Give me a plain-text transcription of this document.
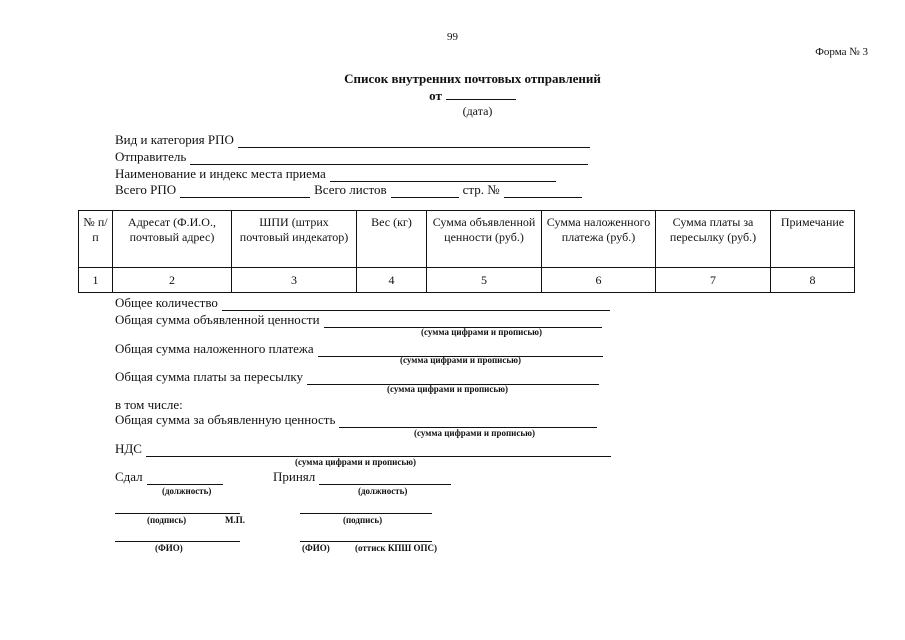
99
Форма № 3
Список внутренних почтовых отправлений
от
(дата)
Вид и категория РПО
Отправитель
Наименование и индекс места приема
Всего РПО	Всего листов	стр. №
№ п/п	Адресат (Ф.И.О., почтовый адрес)	ШПИ (штрих почтовый индекатор)	Вес (кг)	Сумма объявленной ценности (руб.)	Сумма наложенного платежа (руб.)	Сумма платы за пересылку (руб.)	Примечание
1	2	3	4	5	6	7	8
Общее количество
Общая сумма объявленной ценности
(сумма цифрами и прописью)
Общая сумма наложенного платежа
(сумма цифрами и прописью)
Общая сумма платы за пересылку
(сумма цифрами и прописью)
в том числе:
Общая сумма за объявленную ценность
(сумма цифрами и прописью)
НДС
(сумма цифрами и прописью)
Сдал	Принял
(должность)	(должность)
(подпись)	М.П.	(подпись)
(ФИО)	(ФИО)	(оттиск КПШ ОПС)
